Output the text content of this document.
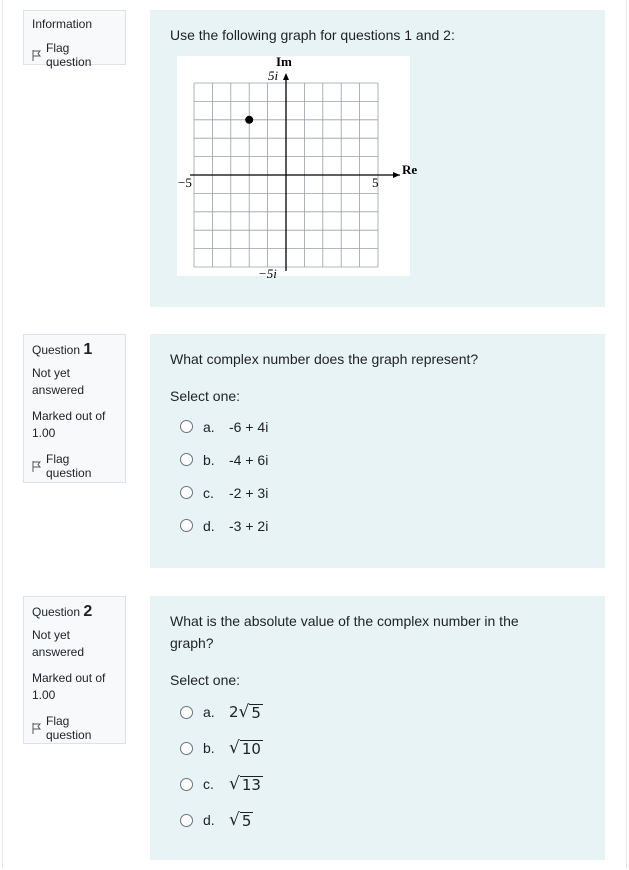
Information
Flag question

Use the following graph for questions 1 and 2:

Im
5i
−5i
−5	5
Re
Question 1
Not yet answered
Marked out of 1.00
Flag question

What complex number does the graph represent?

Select one:
a.	-6 + 4i
b.	-4 + 6i
c.	-2 + 3i
d.	-3 + 2i
Question 2
Not yet answered
Marked out of 1.00
Flag question

What is the absolute value of the complex number in the graph?

Select one:
a. 2 √ 5
b. √ 10
c. √ 13
d. √ 5
